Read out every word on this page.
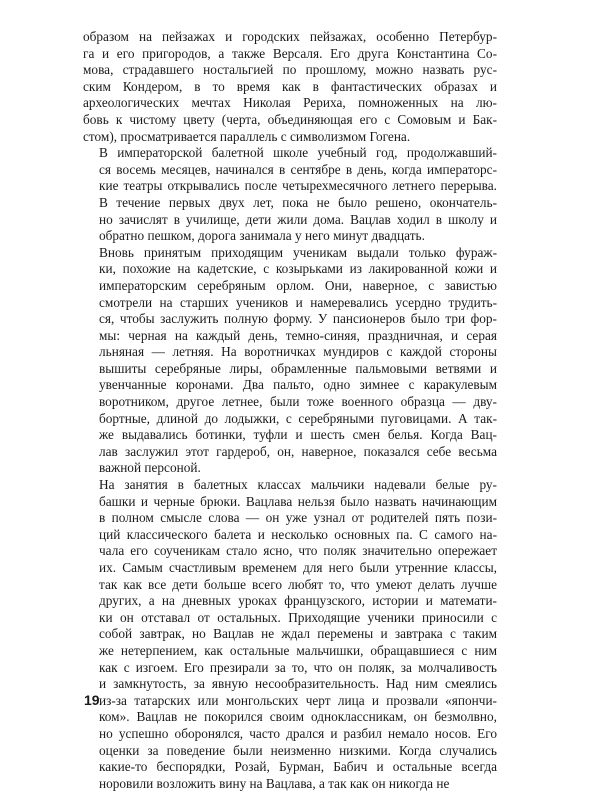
образом на пейзажах и городских пейзажах, особенно Петербур-
га и его пригородов, а также Версаля. Его друга Константина Со-
мова, страдавшего ностальгией по прошлому, можно назвать рус-
ским Кондером, в то время как в фантастических образах и
археологических мечтах Николая Рериха, помноженных на лю-
бовь к чистому цвету (черта, объединяющая его с Сомовым и Бак-
стом), просматривается параллель с символизмом Гогена.

В императорской балетной школе учебный год, продолжавший-
ся восемь месяцев, начинался в сентябре в день, когда императорс-
кие театры открывались после четырехмесячного летнего перерыва.
В течение первых двух лет, пока не было решено, окончатель-
но зачислят в училище, дети жили дома. Вацлав ходил в школу и
обратно пешком, дорога занимала у него минут двадцать.

Вновь принятым приходящим ученикам выдали только фураж-
ки, похожие на кадетские, с козырьками из лакированной кожи и
императорским серебряным орлом. Они, наверное, с завистью
смотрели на старших учеников и намеревались усердно трудить-
ся, чтобы заслужить полную форму. У пансионеров было три фор-
мы: черная на каждый день, темно-синяя, праздничная, и серая
льняная — летняя. На воротничках мундиров с каждой стороны
вышиты серебряные лиры, обрамленные пальмовыми ветвями и
увенчанные коронами. Два пальто, одно зимнее с каракулевым
воротником, другое летнее, были тоже военного образца — дву-
бортные, длиной до лодыжки, с серебряными пуговицами. А так-
же выдавались ботинки, туфли и шесть смен белья. Когда Вац-
лав заслужил этот гардероб, он, наверное, показался себе весьма
важной персоной.

На занятия в балетных классах мальчики надевали белые ру-
башки и черные брюки. Вацлава нельзя было назвать начинающим
в полном смысле слова — он уже узнал от родителей пять пози-
ций классического балета и несколько основных па. С самого на-
чала его соученикам стало ясно, что поляк значительно опережает
их. Самым счастливым временем для него были утренние классы,
так как все дети больше всего любят то, что умеют делать лучше
других, а на дневных уроках французского, истории и математи-
ки он отставал от остальных. Приходящие ученики приносили с
собой завтрак, но Вацлав не ждал перемены и завтрака с таким
же нетерпением, как остальные мальчишки, обращавшиеся с ним
как с изгоем. Его презирали за то, что он поляк, за молчаливость
и замкнутость, за явную несообразительность. Над ним смеялись
из-за татарских или монгольских черт лица и прозвали «япончи-
ком». Вацлав не покорился своим одноклассникам, он безмолвно,
но успешно оборонялся, часто дрался и разбил немало носов. Его
оценки за поведение были неизменно низкими. Когда случались
какие-то беспорядки, Розай, Бурман, Бабич и остальные всегда
норовили возложить вину на Вацлава, а так как он никогда не

19
